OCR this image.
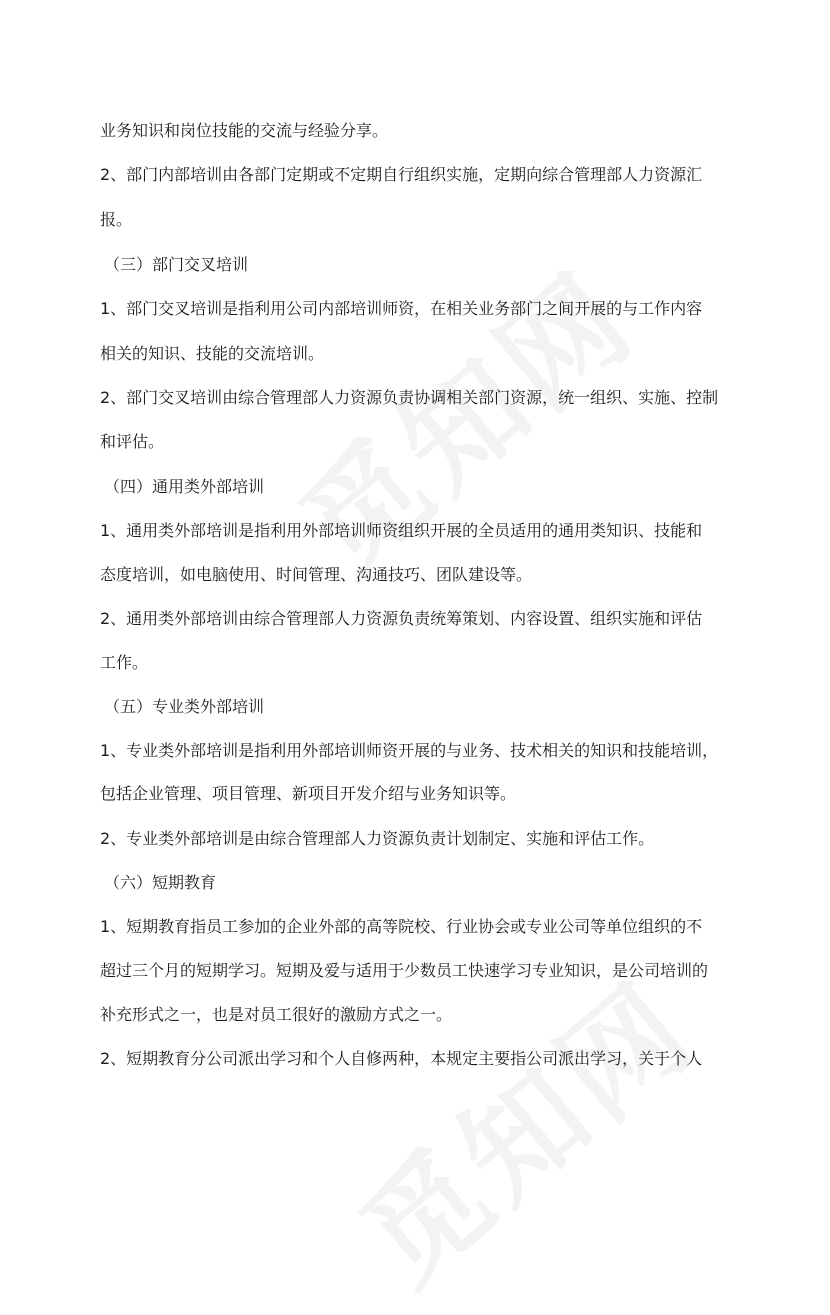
业务知识和岗位技能的交流与经验分享。
2、部门内部培训由各部门定期或不定期自行组织实施，定期向综合管理部人力资源汇
报。
（三）部门交叉培训
1、部门交叉培训是指利用公司内部培训师资，在相关业务部门之间开展的与工作内容
相关的知识、技能的交流培训。
2、部门交叉培训由综合管理部人力资源负责协调相关部门资源，统一组织、实施、控制
和评估。
（四）通用类外部培训
1、通用类外部培训是指利用外部培训师资组织开展的全员适用的通用类知识、技能和
态度培训，如电脑使用、时间管理、沟通技巧、团队建设等。
2、通用类外部培训由综合管理部人力资源负责统筹策划、内容设置、组织实施和评估
工作。
（五）专业类外部培训
1、专业类外部培训是指利用外部培训师资开展的与业务、技术相关的知识和技能培训，
包括企业管理、项目管理、新项目开发介绍与业务知识等。
2、专业类外部培训是由综合管理部人力资源负责计划制定、实施和评估工作。
（六）短期教育
1、短期教育指员工参加的企业外部的高等院校、行业协会或专业公司等单位组织的不
超过三个月的短期学习。短期及爱与适用于少数员工快速学习专业知识，是公司培训的
补充形式之一，也是对员工很好的激励方式之一。
2、短期教育分公司派出学习和个人自修两种，本规定主要指公司派出学习，关于个人
